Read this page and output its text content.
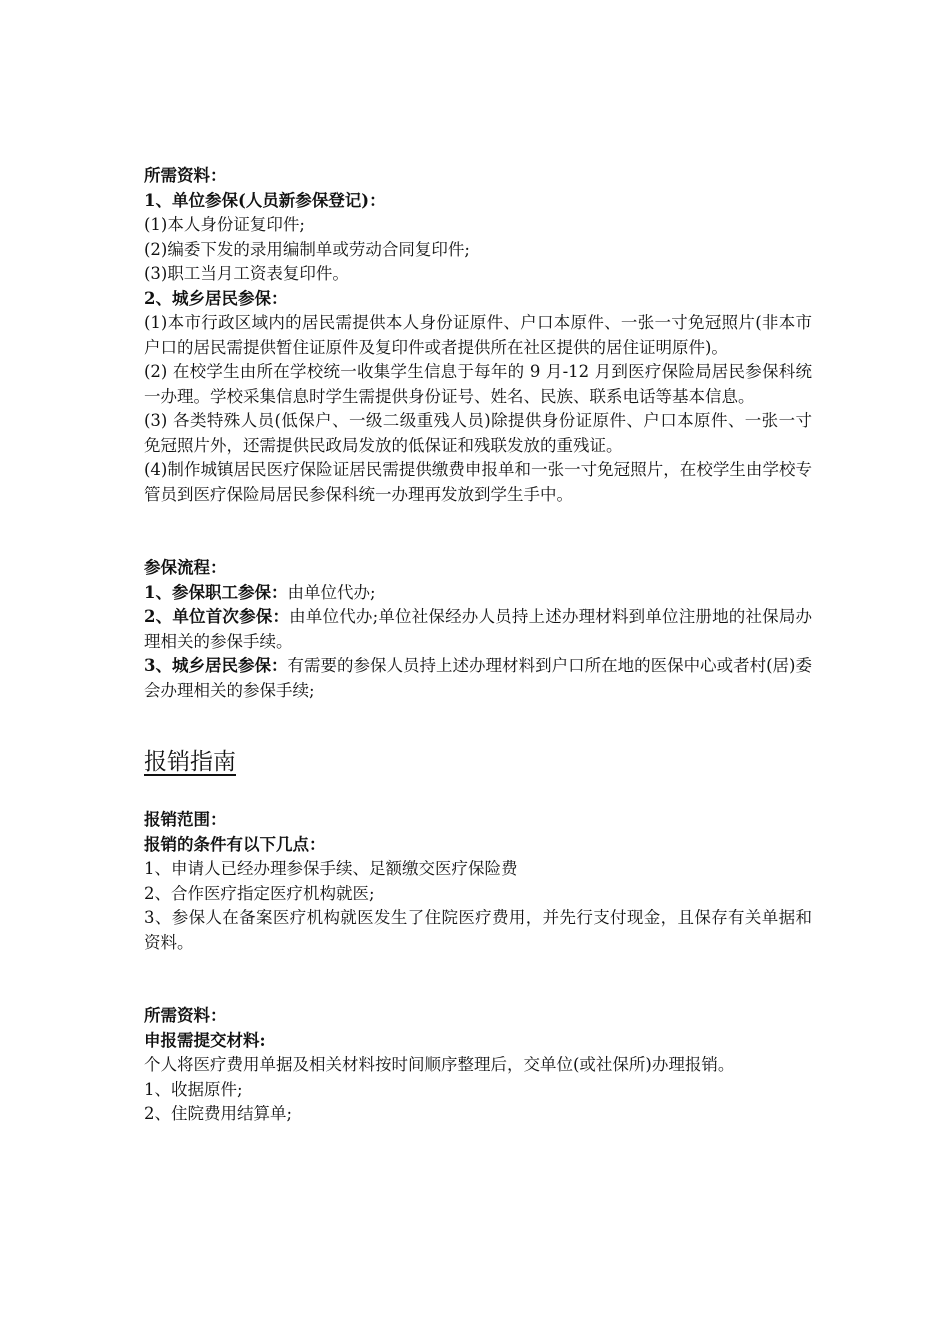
所需资料：

1、单位参保(人员新参保登记)：

(1)本人身份证复印件;

(2)编委下发的录用编制单或劳动合同复印件;

(3)职工当月工资表复印件。

2、城乡居民参保：

(1)本市行政区域内的居民需提供本人身份证原件、户口本原件、一张一寸免冠照片(非本市户口的居民需提供暂住证原件及复印件或者提供所在社区提供的居住证明原件)。

(2) 在校学生由所在学校统一收集学生信息于每年的 9 月-12 月到医疗保险局居民参保科统一办理。学校采集信息时学生需提供身份证号、姓名、民族、联系电话等基本信息。

(3) 各类特殊人员(低保户、一级二级重残人员)除提供身份证原件、户口本原件、一张一寸免冠照片外，还需提供民政局发放的低保证和残联发放的重残证。

(4)制作城镇居民医疗保险证居民需提供缴费申报单和一张一寸免冠照片，在校学生由学校专管员到医疗保险局居民参保科统一办理再发放到学生手中。

参保流程：

1、参保职工参保：由单位代办;

2、单位首次参保：由单位代办;单位社保经办人员持上述办理材料到单位注册地的社保局办理相关的参保手续。

3、城乡居民参保：有需要的参保人员持上述办理材料到户口所在地的医保中心或者村(居)委会办理相关的参保手续;

报销指南

报销范围：

报销的条件有以下几点：

1、申请人已经办理参保手续、足额缴交医疗保险费

2、合作医疗指定医疗机构就医;

3、参保人在备案医疗机构就医发生了住院医疗费用，并先行支付现金，且保存有关单据和资料。

所需资料：

申报需提交材料:

个人将医疗费用单据及相关材料按时间顺序整理后，交单位(或社保所)办理报销。

1、收据原件;

2、住院费用结算单;
